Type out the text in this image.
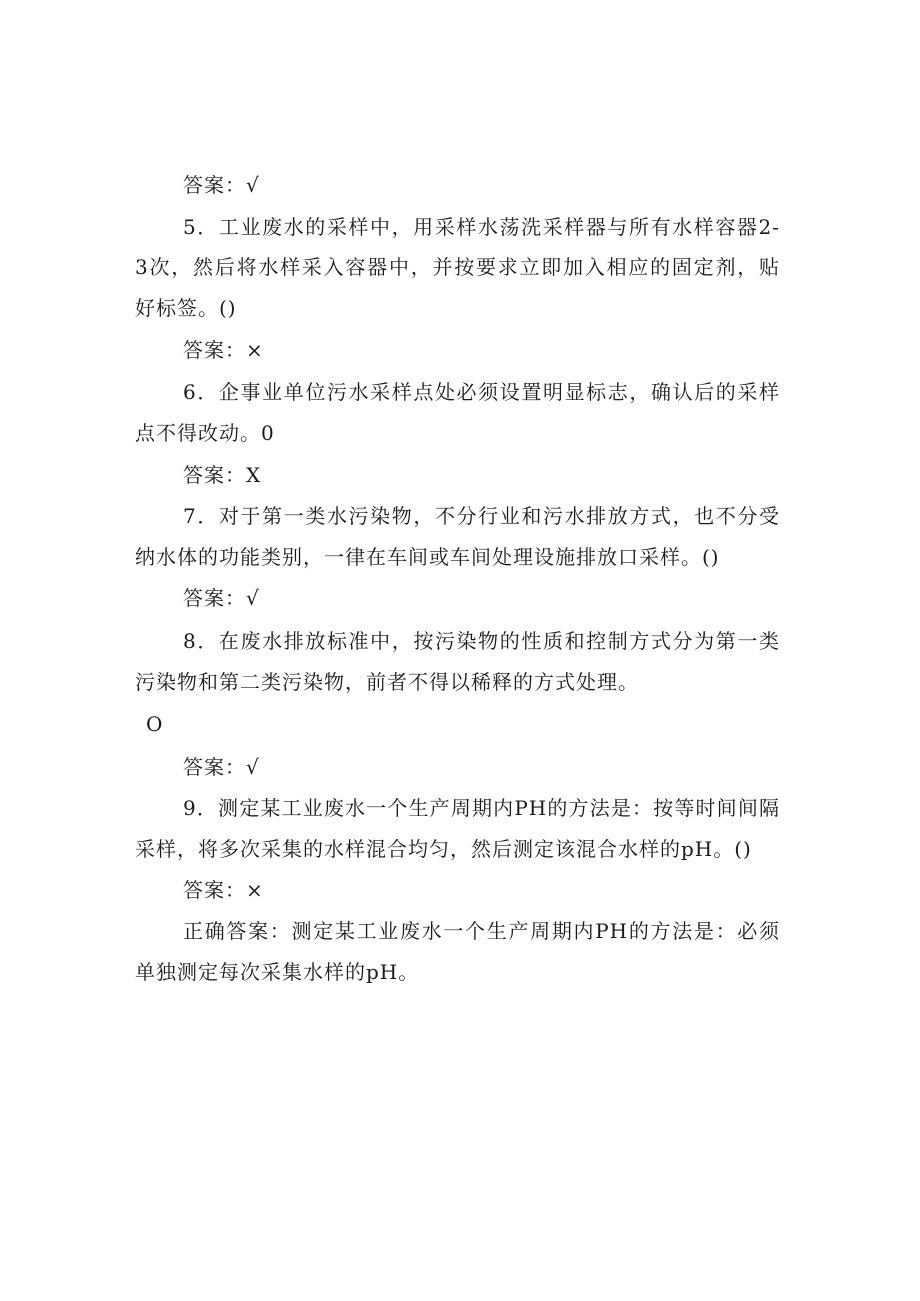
答案：√
5．工业废水的采样中，用采样水荡洗采样器与所有水样容器2-
3次，然后将水样采入容器中，并按要求立即加入相应的固定剂，贴
好标签。()
答案：×
6．企事业单位污水采样点处必须设置明显标志，确认后的采样
点不得改动。0
答案：X
7．对于第一类水污染物，不分行业和污水排放方式，也不分受
纳水体的功能类别，一律在车间或车间处理设施排放口采样。()
答案：√
8．在废水排放标准中，按污染物的性质和控制方式分为第一类
污染物和第二类污染物，前者不得以稀释的方式处理。
O
答案：√
9．测定某工业废水一个生产周期内PH的方法是：按等时间间隔
采样，将多次采集的水样混合均匀，然后测定该混合水样的pH。()
答案：×
正确答案：测定某工业废水一个生产周期内PH的方法是：必须
单独测定每次采集水样的pH。
